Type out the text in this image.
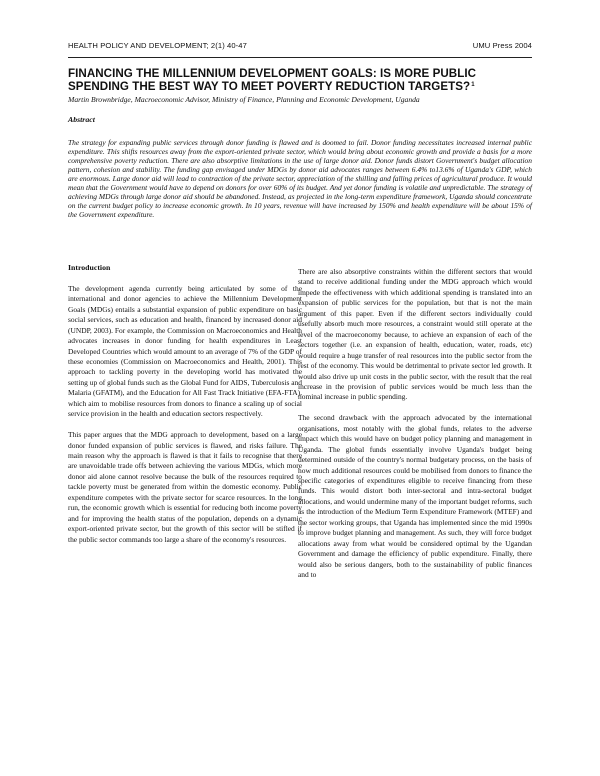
HEALTH POLICY AND DEVELOPMENT; 2(1) 40-47	UMU Press 2004
FINANCING THE MILLENNIUM DEVELOPMENT GOALS: IS MORE PUBLIC SPENDING THE BEST WAY TO MEET POVERTY REDUCTION TARGETS?$^1$
Martin Brownbridge, Macroeconomic Advisor, Ministry of Finance, Planning and Economic Development, Uganda
Abstract

The strategy for expanding public services through donor funding is flawed and is doomed to fail. Donor funding necessitates increased internal public expenditure. This shifts resources away from the export-oriented private sector, which would bring about economic growth and provide a basis for a more comprehensive poverty reduction. There are also absorptive limitations in the use of large donor aid. Donor funds distort Government's budget allocation pattern, cohesion and stability. The funding gap envisaged under MDGs by donor aid advocates ranges between 6.4% to13.6% of Uganda's GDP, which are enormous. Large donor aid will lead to contraction of the private sector, appreciation of the shilling and falling prices of agricultural produce. It would mean that the Government would have to depend on donors for over 60% of its budget. And yet donor funding is volatile and unpredictable. The strategy of achieving MDGs through large donor aid should be abandoned. Instead, as projected in the long-term expenditure framework, Uganda should concentrate on the current budget policy to increase economic growth. In 10 years, revenue will have increased by 150% and health expenditure will be about 15% of the Government expenditure.

Introduction

The development agenda currently being articulated by some of the international and donor agencies to achieve the Millennium Development Goals (MDGs) entails a substantial expansion of public expenditure on basic social services, such as education and health, financed by increased donor aid (UNDP, 2003). For example, the Commission on Macroeconomics and Health advocates increases in donor funding for health expenditures in Least Developed Countries which would amount to an average of 7% of the GDP of these economies (Commission on Macroeconomics and Health, 2001). This approach to tackling poverty in the developing world has motivated the setting up of global funds such as the Global Fund for AIDS, Tuberculosis and Malaria (GFATM), and the Education for All Fast Track Initiative (EFA-FTA), which aim to mobilise resources from donors to finance a scaling up of social service provision in the health and education sectors respectively.

This paper argues that the MDG approach to development, based on a large donor funded expansion of public services is flawed, and risks failure. The main reason why the approach is flawed is that it fails to recognise that there are unavoidable trade offs between achieving the various MDGs, which more donor aid alone cannot resolve because the bulk of the resources required to tackle poverty must be generated from within the domestic economy. Public expenditure competes with the private sector for scarce resources. In the long run, the economic growth which is essential for reducing both income poverty and for improving the health status of the population, depends on a dynamic export-oriented private sector, but the growth of this sector will be stifled if the public sector commands too large a share of the economy's resources.

There are also absorptive constraints within the different sectors that would stand to receive additional funding under the MDG approach which would impede the effectiveness with which additional spending is translated into an expansion of public services for the population, but that is not the main argument of this paper. Even if the different sectors individually could usefully absorb much more resources, a constraint would still operate at the level of the macroeconomy because, to achieve an expansion of each of the sectors together (i.e. an expansion of health, education, water, roads, etc) would require a huge transfer of real resources into the public sector from the rest of the economy. This would be detrimental to private sector led growth. It would also drive up unit costs in the public sector, with the result that the real increase in the provision of public services would be much less than the nominal increase in public spending.

The second drawback with the approach advocated by the international organisations, most notably with the global funds, relates to the adverse impact which this would have on budget policy planning and management in Uganda. The global funds essentially involve Uganda's budget being determined outside of the country's normal budgetary process, on the basis of how much additional resources could be mobilised from donors to finance the specific categories of expenditures eligible to receive financing from these funds. This would distort both inter-sectoral and intra-sectoral budget allocations, and would undermine many of the important budget reforms, such as the introduction of the Medium Term Expenditure Framework (MTEF) and the sector working groups, that Uganda has implemented since the mid 1990s to improve budget planning and management. As such, they will force budget allocations away from what would be considered optimal by the Ugandan Government and damage the efficiency of public expenditure. Finally, there would also be serious dangers, both to the sustainability of public finances and to
